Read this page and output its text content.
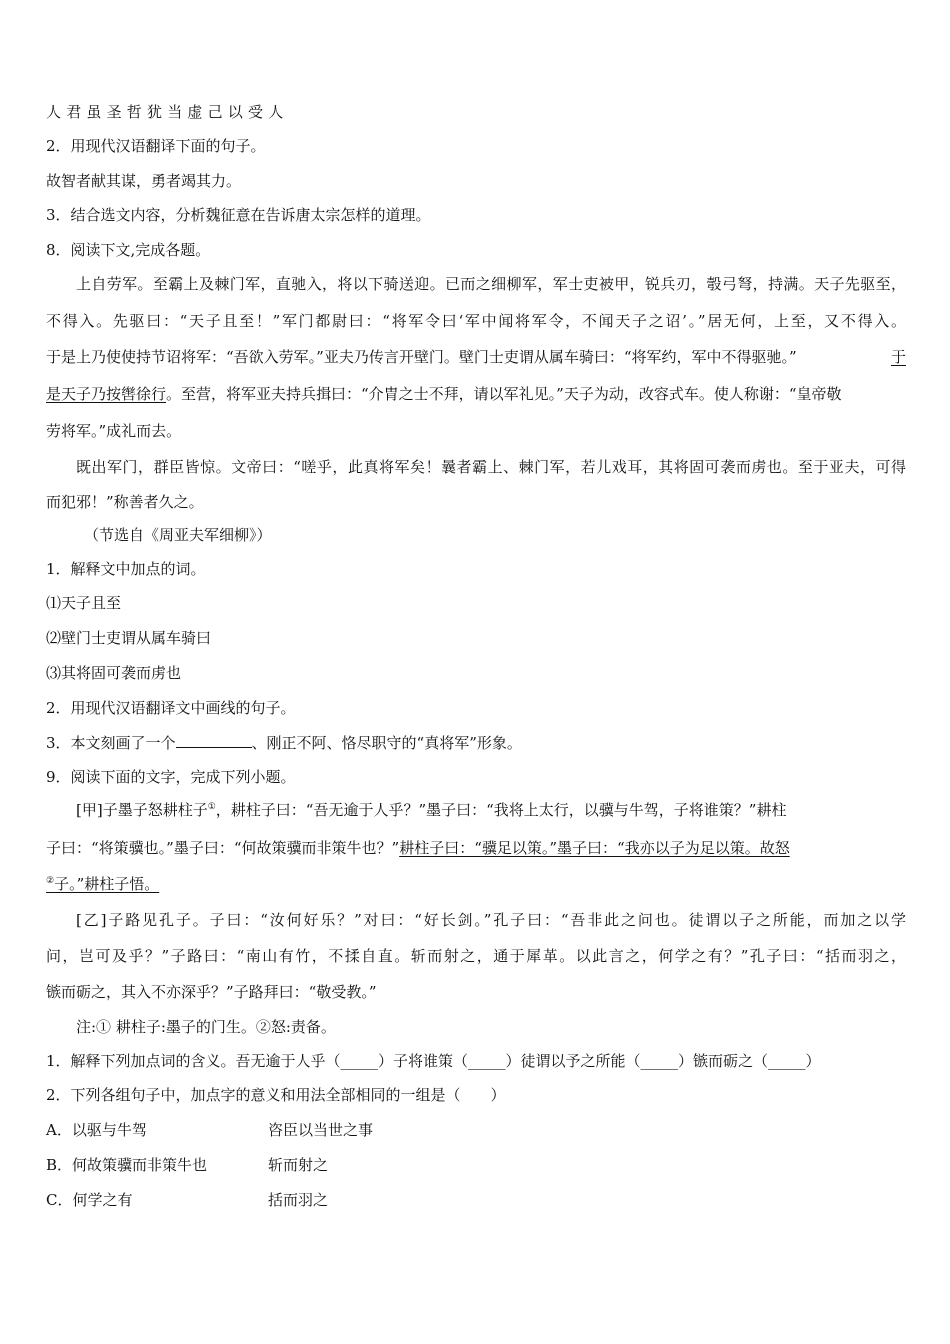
人君虽圣哲犹当虚己以受人
2．用现代汉语翻译下面的句子。
故智者献其谋，勇者竭其力。
3．结合选文内容，分析魏征意在告诉唐太宗怎样的道理。
8．阅读下文,完成各题。
上自劳军。至霸上及棘门军，直驰入，将以下骑送迎。已而之细柳军，军士吏被甲，锐兵刃，彀弓弩，持满。天子先驱至，
不得入。先驱曰：“天子且至！”军门都尉曰：“将军令曰‘军中闻将军令，不闻天子之诏’。”居无何，上至，又不得入。
于是上乃使使持节诏将军：“吾欲入劳军。”亚夫乃传言开壁门。壁门士吏谓从属车骑曰：“将军约，军中不得驱驰。”	于
是天子乃按辔徐行。至营，将军亚夫持兵揖曰：“介胄之士不拜，请以军礼见。”天子为动，改容式车。使人称谢：“皇帝敬
劳将军。”成礼而去。
既出军门，群臣皆惊。文帝曰：“嗟乎，此真将军矣！曩者霸上、棘门军，若儿戏耳，其将固可袭而虏也。至于亚夫，可得
而犯邪！”称善者久之。
（节选自《周亚夫军细柳》）
1．解释文中加点的词。
⑴天子且至
⑵壁门士吏谓从属车骑曰
⑶其将固可袭而虏也
2．用现代汉语翻译文中画线的句子。
3．本文刻画了一个	、刚正不阿、恪尽职守的“真将军”形象。
9．阅读下面的文字，完成下列小题。
[甲]子墨子怒耕柱子①，耕柱子曰：“吾无逾于人乎？”墨子曰：“我将上太行，以骥与牛驾，子将谁策？”耕柱
子曰：“将策骥也。”墨子曰：“何故策骥而非策牛也？”耕柱子曰：“骥足以策。”墨子曰：“我亦以子为足以策。故怒
②子。”耕柱子悟。
[乙]子路见孔子。子曰：“汝何好乐？”对曰：“好长剑。”孔子曰：“吾非此之问也。徒谓以子之所能，而加之以学
问，岂可及乎？”子路曰：“南山有竹，不揉自直。斩而射之，通于犀革。以此言之，何学之有？”孔子曰：“括而羽之，
镞而砺之，其入不亦深乎？”子路拜曰：“敬受教。”
注:① 耕柱子:墨子的门生。②怒:责备。
1．解释下列加点词的含义。吾无逾于人乎（_____）子将谁策（_____）徒谓以予之所能（_____）镞而砺之（_____）
2．下列各组句子中，加点字的意义和用法全部相同的一组是（　　）
A．以驱与牛驾	咨臣以当世之事
B．何故策骥而非策牛也	斩而射之
C．何学之有	括而羽之
